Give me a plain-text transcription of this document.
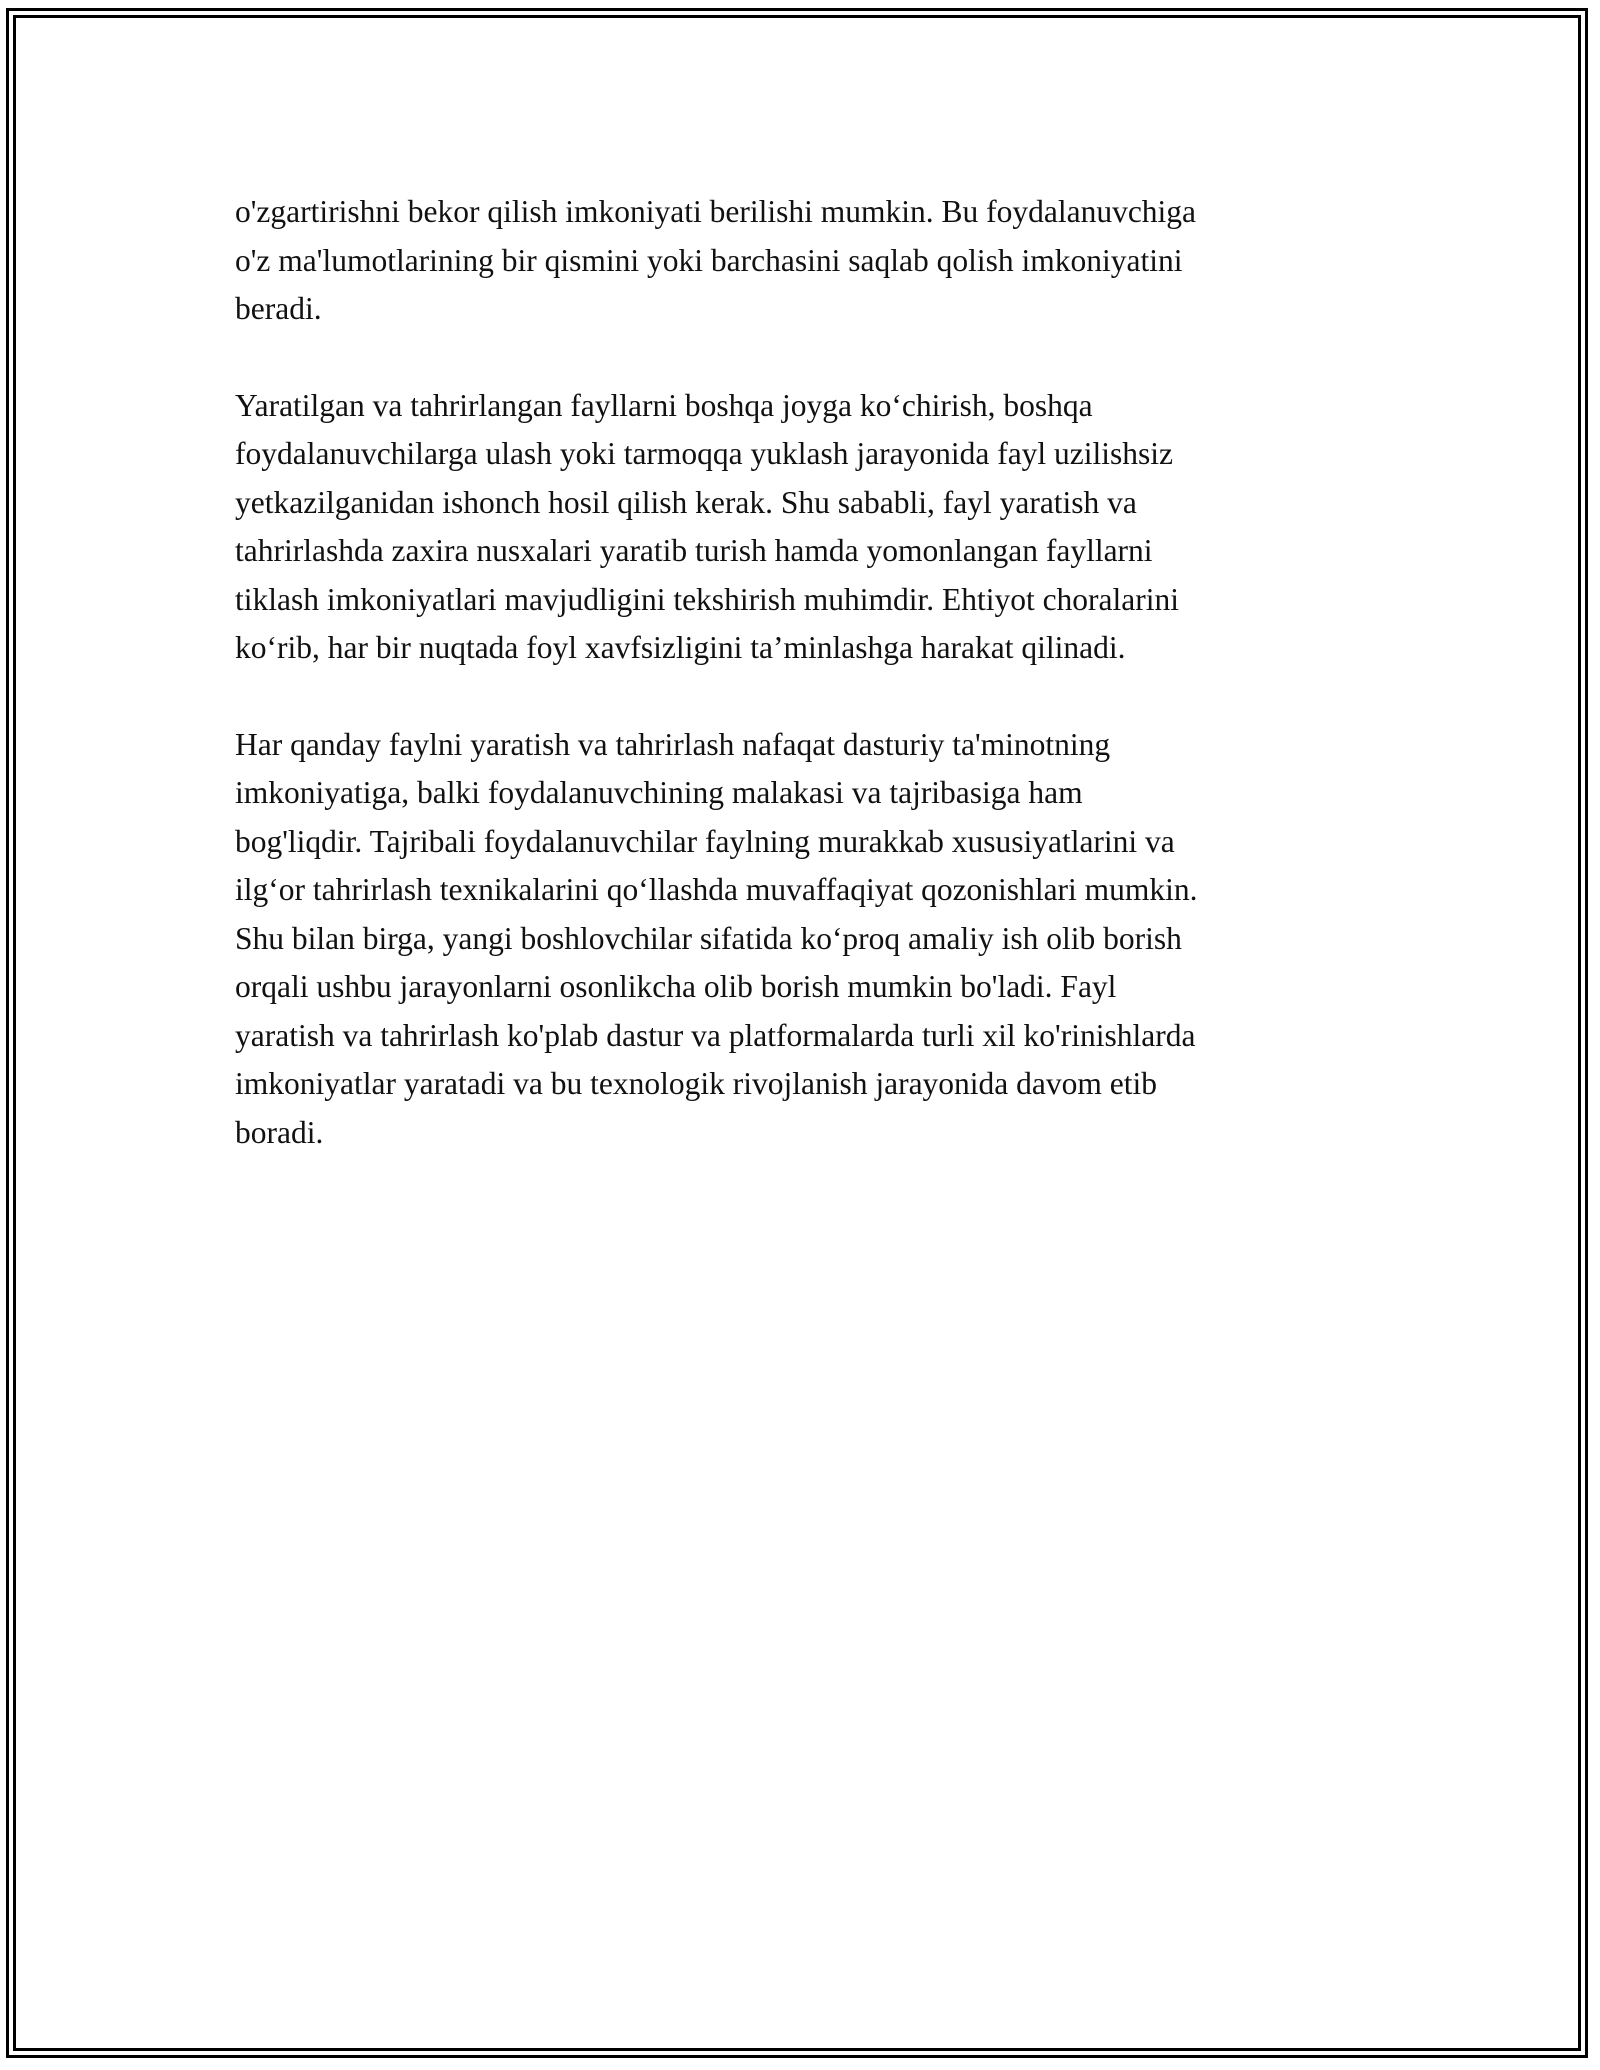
o'zgartirishni bekor qilish imkoniyati berilishi mumkin. Bu foydalanuvchiga
o'z ma'lumotlarining bir qismini yoki barchasini saqlab qolish imkoniyatini
beradi.

Yaratilgan va tahrirlangan fayllarni boshqa joyga ko‘chirish, boshqa
foydalanuvchilarga ulash yoki tarmoqqa yuklash jarayonida fayl uzilishsiz
yetkazilganidan ishonch hosil qilish kerak. Shu sababli, fayl yaratish va
tahrirlashda zaxira nusxalari yaratib turish hamda yomonlangan fayllarni
tiklash imkoniyatlari mavjudligini tekshirish muhimdir. Ehtiyot choralarini
ko‘rib, har bir nuqtada foyl xavfsizligini ta’minlashga harakat qilinadi.

Har qanday faylni yaratish va tahrirlash nafaqat dasturiy ta'minotning
imkoniyatiga, balki foydalanuvchining malakasi va tajribasiga ham
bog'liqdir. Tajribali foydalanuvchilar faylning murakkab xususiyatlarini va
ilg‘or tahrirlash texnikalarini qo‘llashda muvaffaqiyat qozonishlari mumkin.
Shu bilan birga, yangi boshlovchilar sifatida ko‘proq amaliy ish olib borish
orqali ushbu jarayonlarni osonlikcha olib borish mumkin bo'ladi. Fayl
yaratish va tahrirlash ko'plab dastur va platformalarda turli xil ko'rinishlarda
imkoniyatlar yaratadi va bu texnologik rivojlanish jarayonida davom etib
boradi.
